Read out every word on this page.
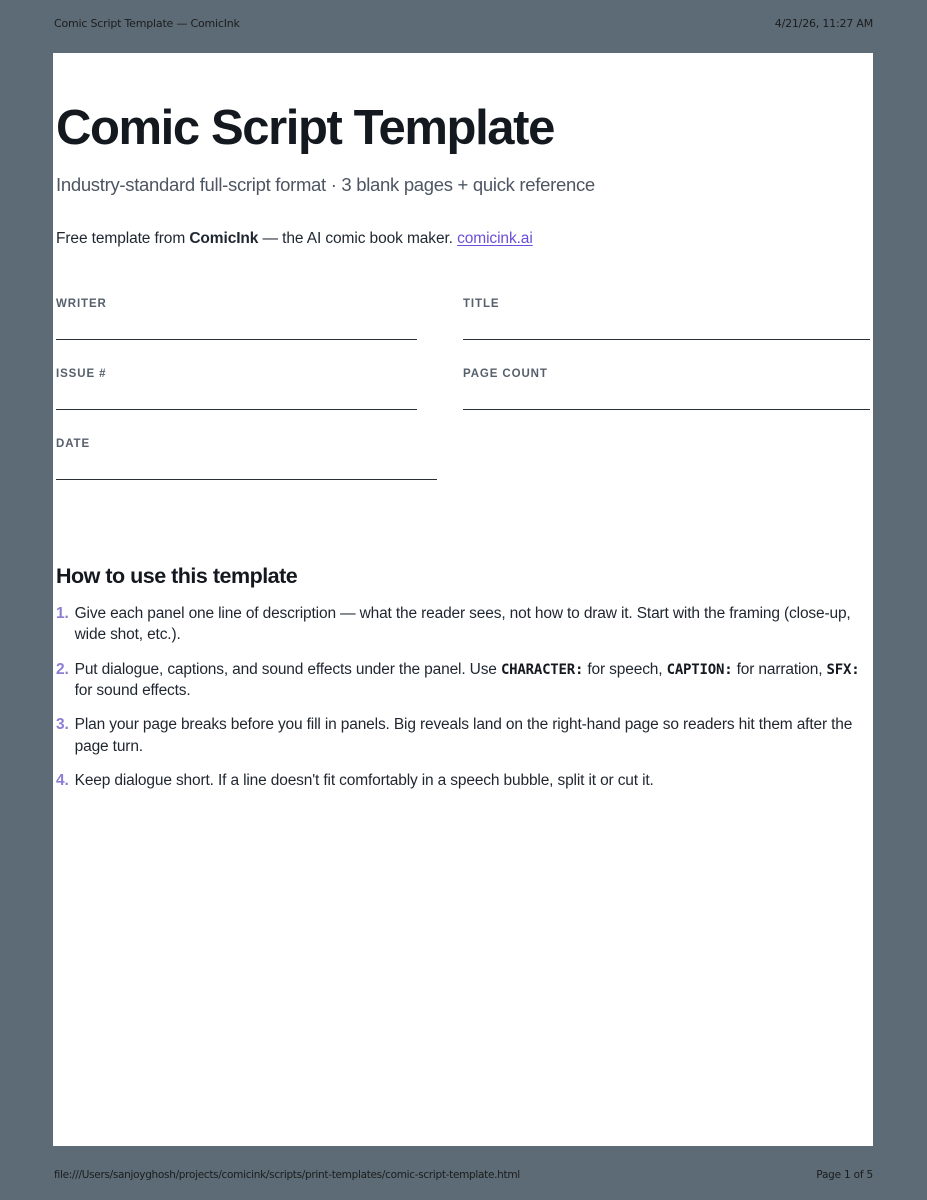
Comic Script Template — ComicInk	4/21/26, 11:27 AM
Comic Script Template
Industry-standard full-script format · 3 blank pages + quick reference
Free template from ComicInk — the AI comic book maker. comicink.ai
WRITER	TITLE
ISSUE #	PAGE COUNT
DATE
How to use this template
1. Give each panel one line of description — what the reader sees, not how to draw it. Start with the framing (close-up, wide shot, etc.).
2. Put dialogue, captions, and sound effects under the panel. Use CHARACTER: for speech, CAPTION: for narration, SFX: for sound effects.
3. Plan your page breaks before you fill in panels. Big reveals land on the right-hand page so readers hit them after the page turn.
4. Keep dialogue short. If a line doesn't fit comfortably in a speech bubble, split it or cut it.
file:///Users/sanjoyghosh/projects/comicink/scripts/print-templates/comic-script-template.html	Page 1 of 5
